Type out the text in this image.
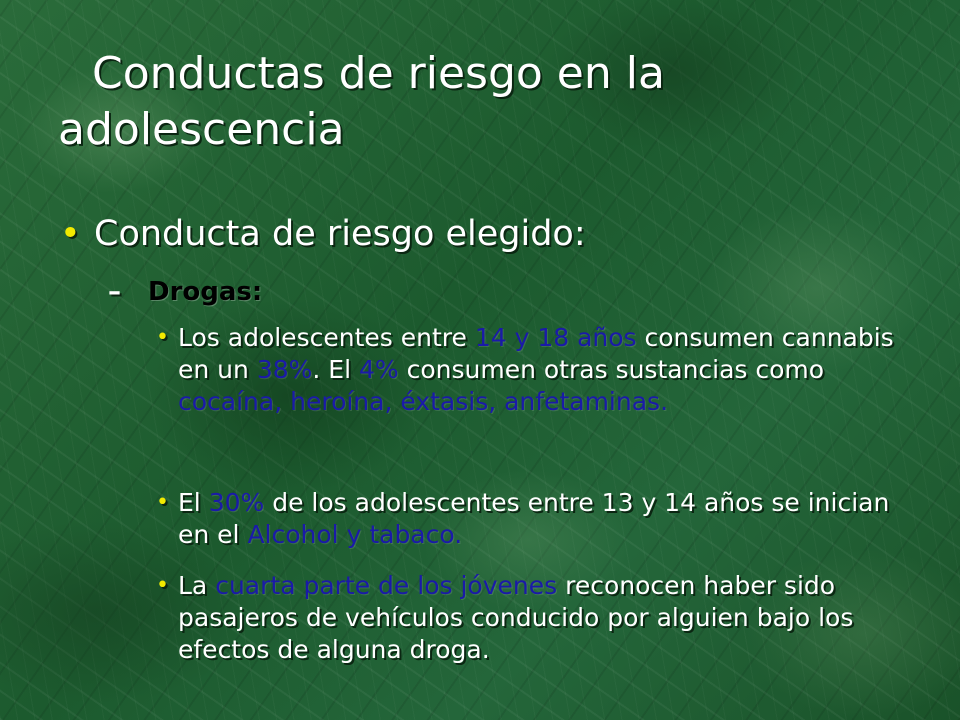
Conductas de riesgo en la adolescencia
• Conducta de riesgo elegido:
– Drogas:

• Los adolescentes entre 14 y 18 años consumen cannabis en un 38%. El 4% consumen otras sustancias como cocaína, heroína, éxtasis, anfetaminas.

• El 30% de los adolescentes entre 13 y 14 años se inician en el Alcohol y tabaco.

• La cuarta parte de los jóvenes reconocen haber sido pasajeros de vehículos conducido por alguien bajo los efectos de alguna droga.
